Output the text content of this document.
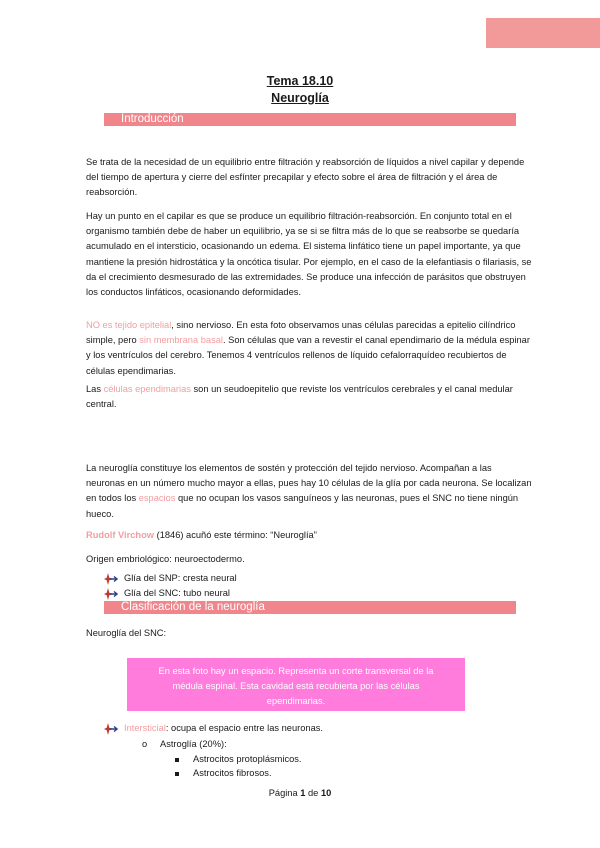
Tema 18.10
Neuroglía
Introducción

Se trata de la necesidad de un equilibrio entre filtración y reabsorción de líquidos a nivel capilar y depende del tiempo de apertura y cierre del esfínter precapilar y efecto sobre el área de filtración y el área de reabsorción.

Hay un punto en el capilar es que se produce un equilibrio filtración-reabsorción. En conjunto total en el organismo también debe de haber un equilibrio, ya se si se filtra más de lo que se reabsorbe se quedaría acumulado en el intersticio, ocasionando un edema. El sistema linfático tiene un papel importante, ya que mantiene la presión hidrostática y la oncótica tisular. Por ejemplo, en el caso de la elefantiasis o filariasis, se da el crecimiento desmesurado de las extremidades. Se produce una infección de parásitos que obstruyen los conductos linfáticos, ocasionando deformidades.

NO es tejido epitelial, sino nervioso. En esta foto observamos unas células parecidas a epitelio cilíndrico simple, pero sin membrana basal. Son células que van a revestir el canal ependimario de la médula espinar y los ventrículos del cerebro. Tenemos 4 ventrículos rellenos de líquido cefalorraquídeo recubiertos de células ependimarias.

Las células ependimarias son un seudoepitelio que reviste los ventrículos cerebrales y el canal medular central.

La neuroglía constituye los elementos de sostén y protección del tejido nervioso. Acompañan a las neuronas en un número mucho mayor a ellas, pues hay 10 células de la glía por cada neurona. Se localizan en todos los espacios que no ocupan los vasos sanguíneos y las neuronas, pues el SNC no tiene ningún hueco.

Rudolf Virchow (1846) acuñó este término: “Neuroglía”

Origen embriológico: neuroectodermo.

Glía del SNP: cresta neural
Glía del SNC: tubo neural
Clasificación de la neuroglía

Neuroglía del SNC:

En esta foto hay un espacio. Representa un corte transversal de la
médula espinal. Esta cavidad está recubierta por las células
ependimarias.
Intersticial : ocupa el espacio entre las neuronas.
o Astroglía (20%):
Astrocitos protoplásmicos.
Astrocitos fibrosos.
Página 1 de 10
